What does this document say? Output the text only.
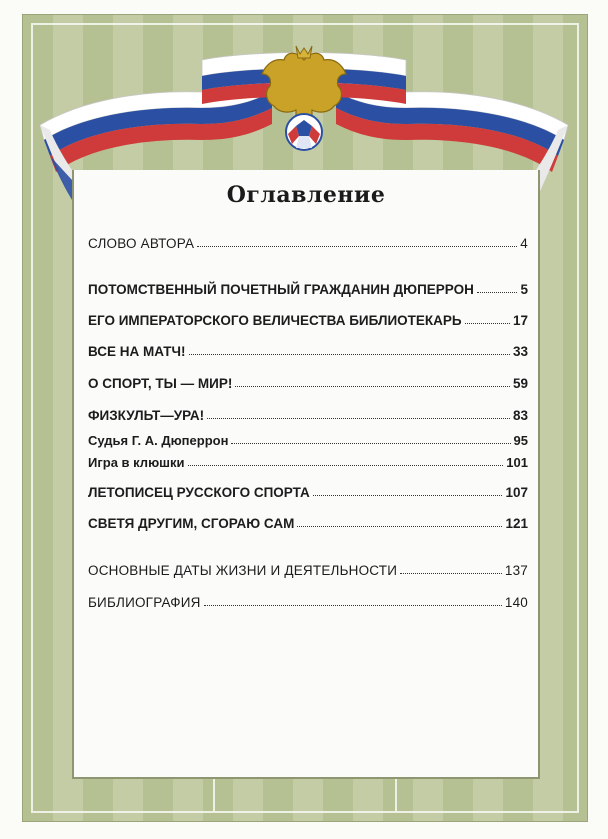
Оглавление
СЛОВО АВТОРА	4
ПОТОМСТВЕННЫЙ ПОЧЕТНЫЙ ГРАЖДАНИН ДЮПЕРРОН	5
ЕГО ИМПЕРАТОРСКОГО ВЕЛИЧЕСТВА БИБЛИОТЕКАРЬ	17
ВСЕ НА МАТЧ!	33
О СПОРТ, ТЫ — МИР!	59
ФИЗКУЛЬТ—УРА!	83
Судья Г. А. Дюперрон	95
Игра в клюшки	101
ЛЕТОПИСЕЦ РУССКОГО СПОРТА	107
СВЕТЯ ДРУГИМ, СГОРАЮ САМ	121
ОСНОВНЫЕ ДАТЫ ЖИЗНИ И ДЕЯТЕЛЬНОСТИ	137
БИБЛИОГРАФИЯ	140
